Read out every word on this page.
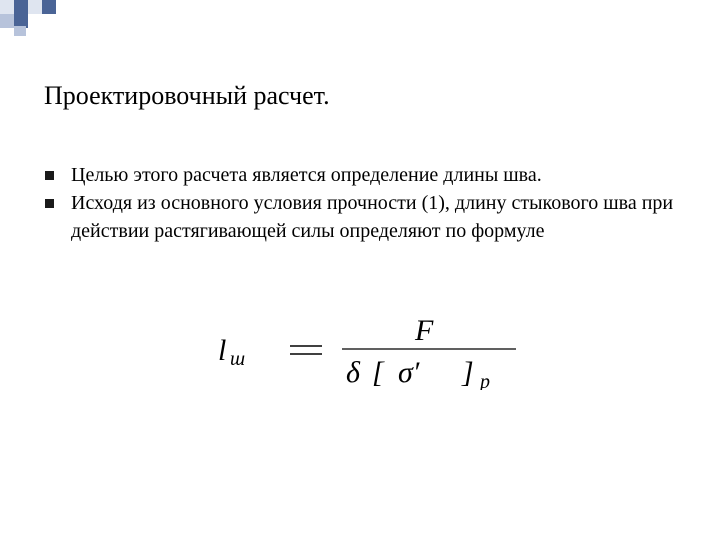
Проектировочный расчет.
Целью этого расчета является определение длины шва.
Исходя из основного условия прочности (1), длину стыкового шва при действии растягивающей силы определяют по формуле
l ш
F
δ [ σ′ ] p
